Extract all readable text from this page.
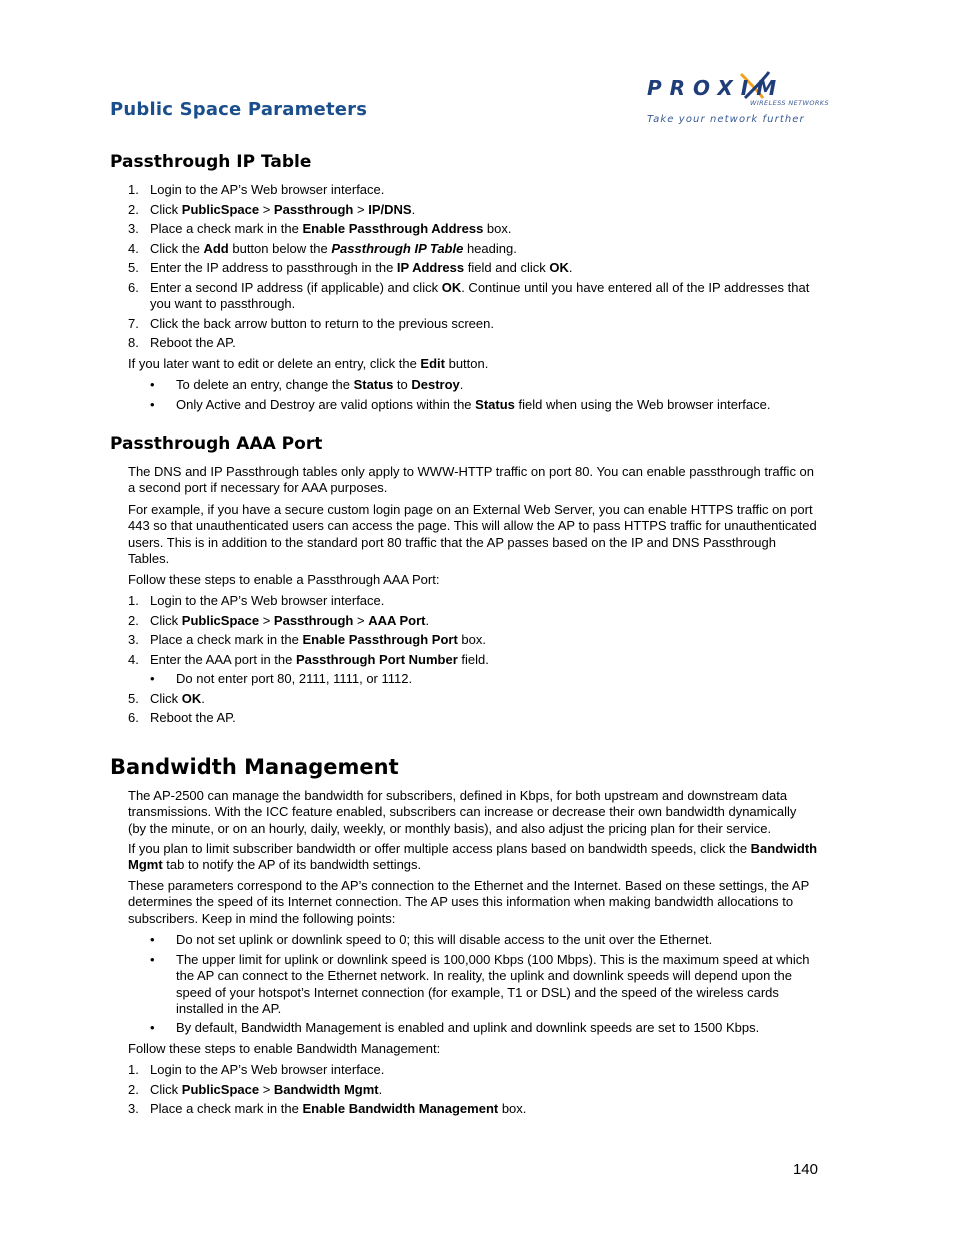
Public Space Parameters
PROXIM
WIRELESS NETWORKS
Take your network further
Passthrough IP Table
1. Login to the AP’s Web browser interface.
2. Click PublicSpace > Passthrough > IP/DNS.
3. Place a check mark in the Enable Passthrough Address box.
4. Click the Add button below the Passthrough IP Table heading.
5. Enter the IP address to passthrough in the IP Address field and click OK.
6. Enter a second IP address (if applicable) and click OK. Continue until you have entered all of the IP addresses that you want to passthrough.
7. Click the back arrow button to return to the previous screen.
8. Reboot the AP.

If you later want to edit or delete an entry, click the Edit button.

• To delete an entry, change the Status to Destroy.
• Only Active and Destroy are valid options within the Status field when using the Web browser interface.
Passthrough AAA Port

The DNS and IP Passthrough tables only apply to WWW-HTTP traffic on port 80. You can enable passthrough traffic on a second port if necessary for AAA purposes.

For example, if you have a secure custom login page on an External Web Server, you can enable HTTPS traffic on port 443 so that unauthenticated users can access the page. This will allow the AP to pass HTTPS traffic for unauthenticated users. This is in addition to the standard port 80 traffic that the AP passes based on the IP and DNS Passthrough Tables.

Follow these steps to enable a Passthrough AAA Port:

1. Login to the AP’s Web browser interface.
2. Click PublicSpace > Passthrough > AAA Port.
3. Place a check mark in the Enable Passthrough Port box.
4. Enter the AAA port in the Passthrough Port Number field.
• Do not enter port 80, 2111, 1111, or 1112.
5. Click OK.
6. Reboot the AP.
Bandwidth Management

The AP-2500 can manage the bandwidth for subscribers, defined in Kbps, for both upstream and downstream data transmissions. With the ICC feature enabled, subscribers can increase or decrease their own bandwidth dynamically (by the minute, or on an hourly, daily, weekly, or monthly basis), and also adjust the pricing plan for their service.

If you plan to limit subscriber bandwidth or offer multiple access plans based on bandwidth speeds, click the Bandwidth Mgmt tab to notify the AP of its bandwidth settings.

These parameters correspond to the AP’s connection to the Ethernet and the Internet. Based on these settings, the AP determines the speed of its Internet connection. The AP uses this information when making bandwidth allocations to subscribers. Keep in mind the following points:

• Do not set uplink or downlink speed to 0; this will disable access to the unit over the Ethernet.
• The upper limit for uplink or downlink speed is 100,000 Kbps (100 Mbps). This is the maximum speed at which the AP can connect to the Ethernet network. In reality, the uplink and downlink speeds will depend upon the speed of your hotspot’s Internet connection (for example, T1 or DSL) and the speed of the wireless cards installed in the AP.
• By default, Bandwidth Management is enabled and uplink and downlink speeds are set to 1500 Kbps.

Follow these steps to enable Bandwidth Management:

1. Login to the AP’s Web browser interface.
2. Click PublicSpace > Bandwidth Mgmt.
3. Place a check mark in the Enable Bandwidth Management box.
140
